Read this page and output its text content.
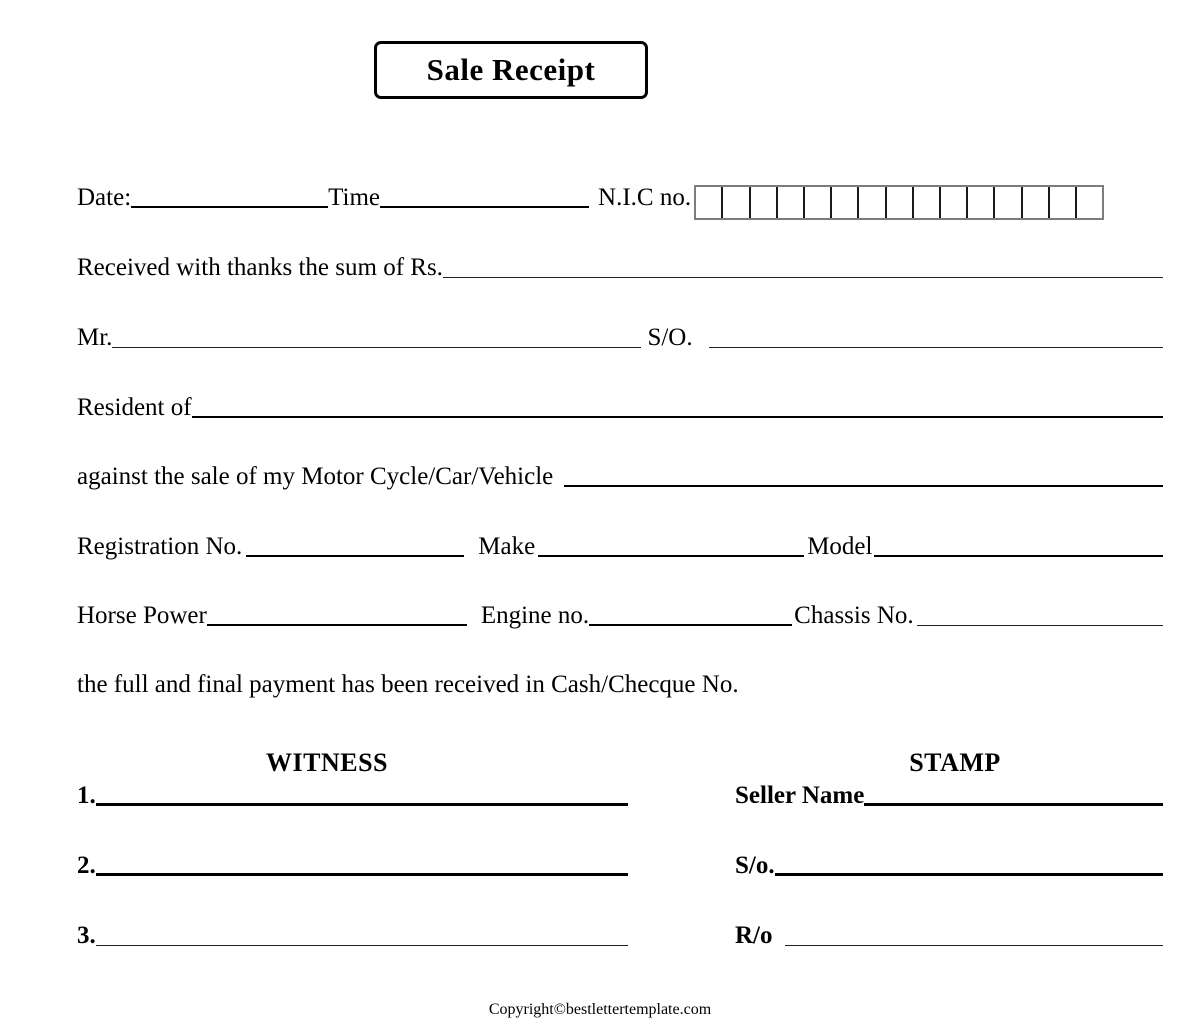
Sale Receipt
Date:	Time	N.I.C no.
Received with thanks the sum of Rs.
Mr.	S/O.
Resident of
against the sale of my Motor Cycle/Car/Vehicle
Registration No.	Make	Model
Horse Power	Engine no.	Chassis No.
the full and final payment has been received in Cash/Checque No.
WITNESS	STAMP
1.	Seller Name
2.	S/o.
3.	R/o
Copyright©bestlettertemplate.com
